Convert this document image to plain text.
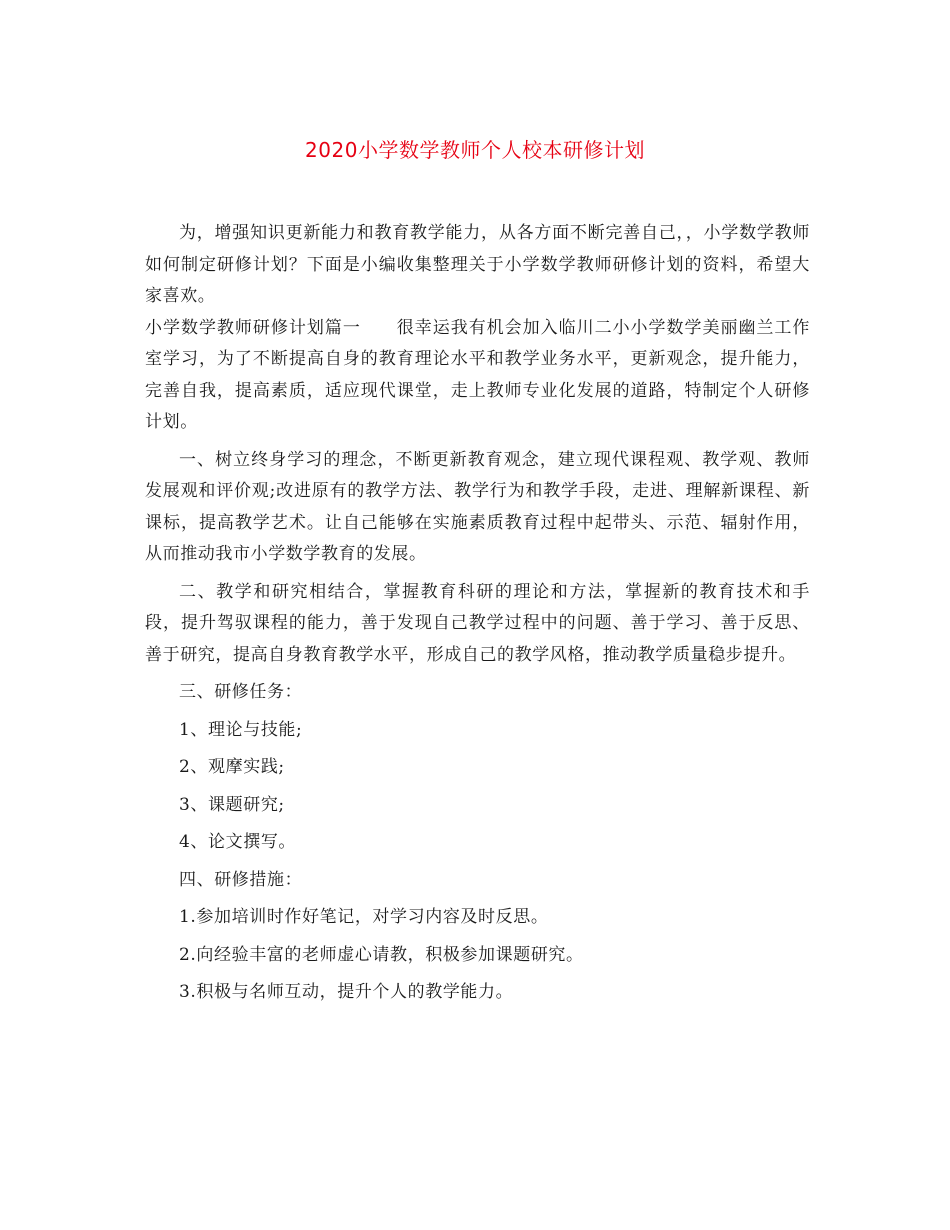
2020小学数学教师个人校本研修计划

为，增强知识更新能力和教育教学能力，从各方面不断完善自己，，小学数学教师如何制定研修计划？下面是小编收集整理关于小学数学教师研修计划的资料，希望大家喜欢。

小学数学教师研修计划篇一　　很幸运我有机会加入临川二小小学数学美丽幽兰工作室学习，为了不断提高自身的教育理论水平和教学业务水平，更新观念，提升能力，完善自我，提高素质，适应现代课堂，走上教师专业化发展的道路，特制定个人研修计划。

一、树立终身学习的理念，不断更新教育观念，建立现代课程观、教学观、教师发展观和评价观;改进原有的教学方法、教学行为和教学手段，走进、理解新课程、新课标，提高教学艺术。让自己能够在实施素质教育过程中起带头、示范、辐射作用，从而推动我市小学数学教育的发展。

二、教学和研究相结合，掌握教育科研的理论和方法，掌握新的教育技术和手段，提升驾驭课程的能力，善于发现自己教学过程中的问题、善于学习、善于反思、善于研究，提高自身教育教学水平，形成自己的教学风格，推动教学质量稳步提升。

三、研修任务：

1、理论与技能;

2、观摩实践;

3、课题研究;

4、论文撰写。

四、研修措施：

1.参加培训时作好笔记，对学习内容及时反思。

2.向经验丰富的老师虚心请教，积极参加课题研究。

3.积极与名师互动，提升个人的教学能力。
